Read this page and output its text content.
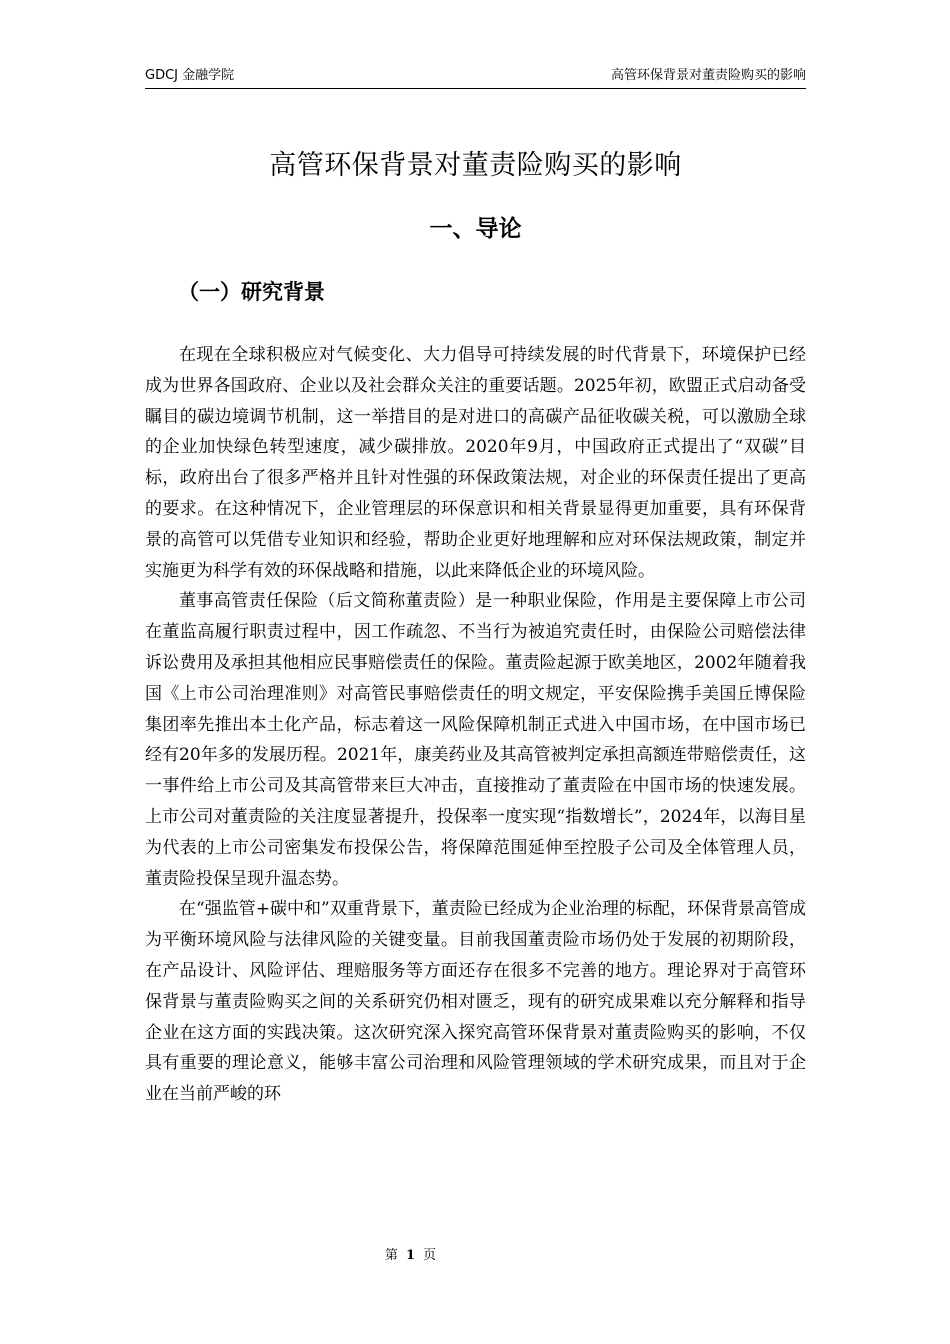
GDCJ 金融学院	高管环保背景对董责险购买的影响
高管环保背景对董责险购买的影响
一、导论
（一）研究背景

在现在全球积极应对气候变化、大力倡导可持续发展的时代背景下，环境保护已经成为世界各国政府、企业以及社会群众关注的重要话题。2025年初，欧盟正式启动备受瞩目的碳边境调节机制，这一举措目的是对进口的高碳产品征收碳关税，可以激励全球的企业加快绿色转型速度，减少碳排放。2020年9月，中国政府正式提出了“双碳”目标，政府出台了很多严格并且针对性强的环保政策法规，对企业的环保责任提出了更高的要求。在这种情况下，企业管理层的环保意识和相关背景显得更加重要，具有环保背景的高管可以凭借专业知识和经验，帮助企业更好地理解和应对环保法规政策，制定并实施更为科学有效的环保战略和措施，以此来降低企业的环境风险。

董事高管责任保险（后文简称董责险）是一种职业保险，作用是主要保障上市公司在董监高履行职责过程中，因工作疏忽、不当行为被追究责任时，由保险公司赔偿法律诉讼费用及承担其他相应民事赔偿责任的保险。董责险起源于欧美地区，2002年随着我国《上市公司治理准则》对高管民事赔偿责任的明文规定，平安保险携手美国丘博保险集团率先推出本土化产品，标志着这一风险保障机制正式进入中国市场，在中国市场已经有20年多的发展历程。2021年，康美药业及其高管被判定承担高额连带赔偿责任，这一事件给上市公司及其高管带来巨大冲击，直接推动了董责险在中国市场的快速发展。上市公司对董责险的关注度显著提升，投保率一度实现“指数增长”，2024年，以海目星为代表的上市公司密集发布投保公告，将保障范围延伸至控股子公司及全体管理人员，董责险投保呈现升温态势。

在“强监管+碳中和”双重背景下，董责险已经成为企业治理的标配，环保背景高管成为平衡环境风险与法律风险的关键变量。目前我国董责险市场仍处于发展的初期阶段，在产品设计、风险评估、理赔服务等方面还存在很多不完善的地方。理论界对于高管环保背景与董责险购买之间的关系研究仍相对匮乏，现有的研究成果难以充分解释和指导企业在这方面的实践决策。这次研究深入探究高管环保背景对董责险购买的影响，不仅具有重要的理论意义，能够丰富公司治理和风险管理领域的学术研究成果，而且对于企业在当前严峻的环

第 1 页
